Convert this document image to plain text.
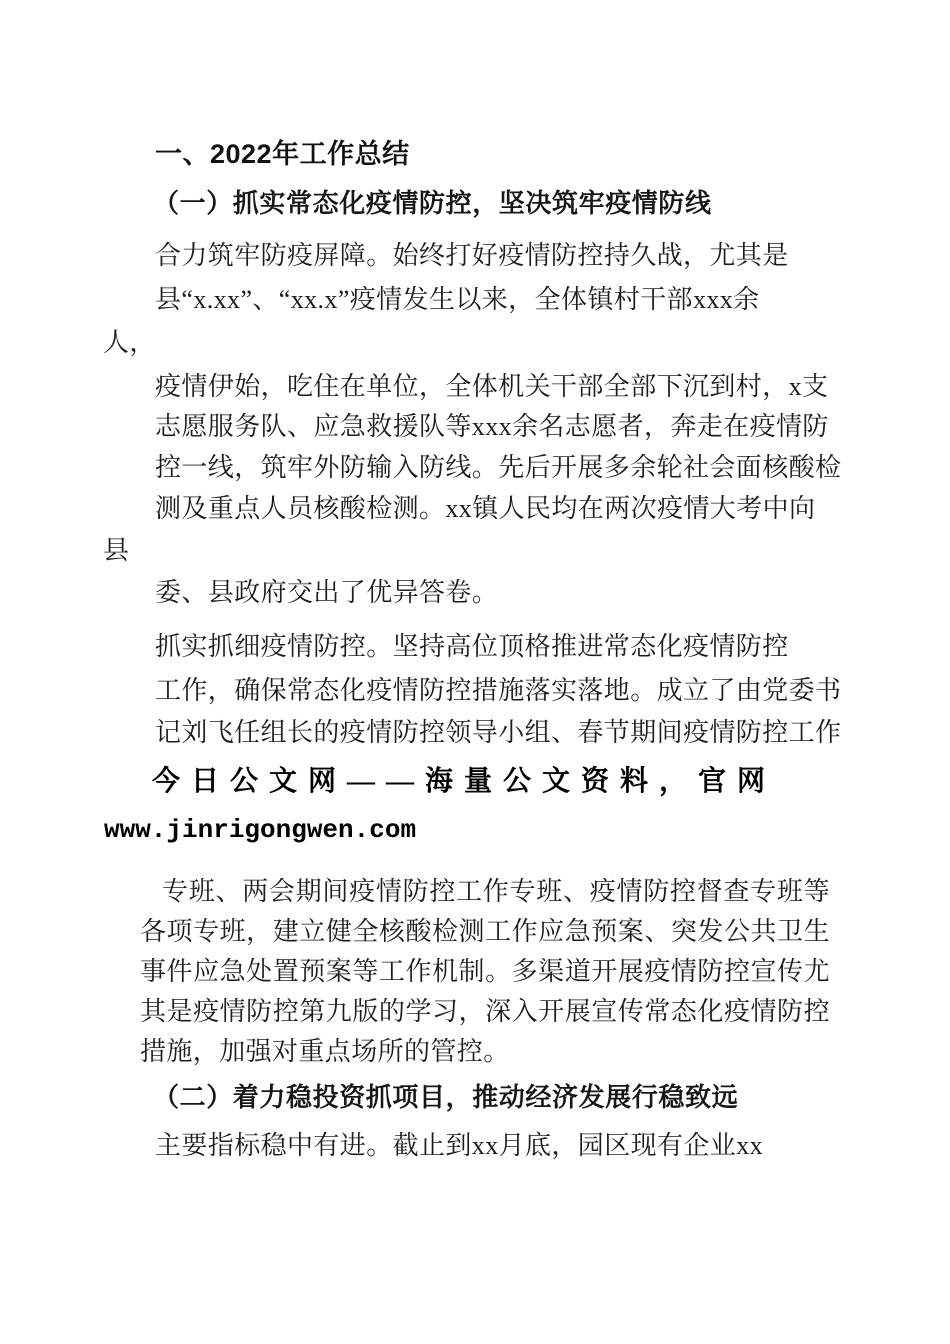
一、2022年工作总结
（一）抓实常态化疫情防控，坚决筑牢疫情防线
合力筑牢防疫屏障。始终打好疫情防控持久战，尤其是
县“x.xx”、“xx.x”疫情发生以来，全体镇村干部xxx余
人，
疫情伊始，吃住在单位，全体机关干部全部下沉到村，x支
志愿服务队、应急救援队等xxx余名志愿者，奔走在疫情防
控一线，筑牢外防输入防线。先后开展多余轮社会面核酸检
测及重点人员核酸检测。xx镇人民均在两次疫情大考中向
县
委、县政府交出了优异答卷。
抓实抓细疫情防控。坚持高位顶格推进常态化疫情防控
工作，确保常态化疫情防控措施落实落地。成立了由党委书
记刘飞任组长的疫情防控领导小组、春节期间疫情防控工作
今日公文网——海量公文资料，官网
www.jinrigongwen.com
专班、两会期间疫情防控工作专班、疫情防控督查专班等各项专班，建立健全核酸检测工作应急预案、突发公共卫生事件应急处置预案等工作机制。多渠道开展疫情防控宣传尤其是疫情防控第九版的学习，深入开展宣传常态化疫情防控措施，加强对重点场所的管控。
（二）着力稳投资抓项目，推动经济发展行稳致远
主要指标稳中有进。截止到xx月底，园区现有企业xx
